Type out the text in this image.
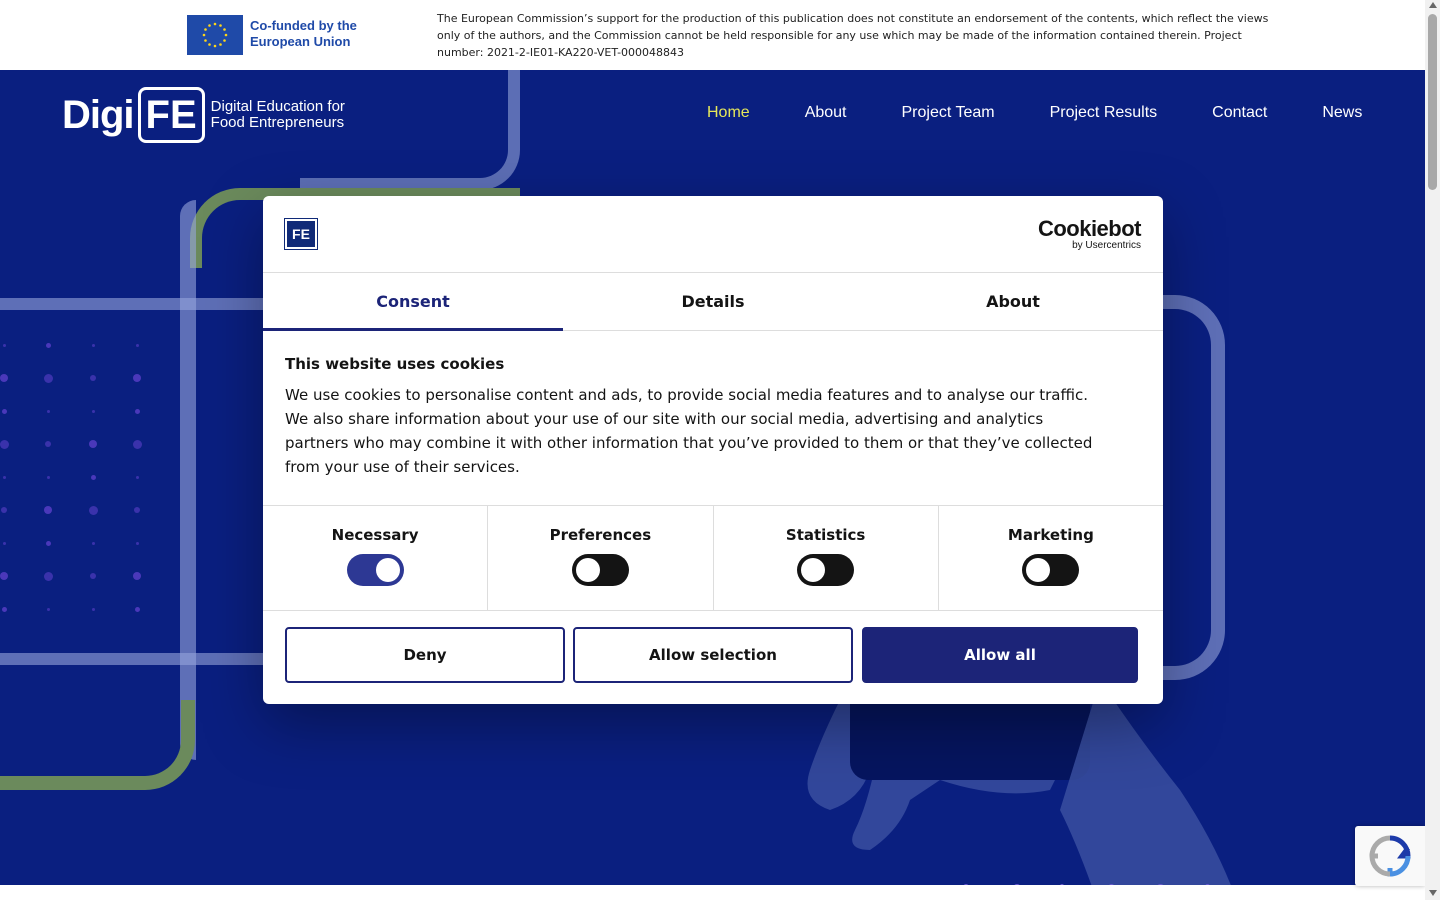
Co-funded by the European Union
The European Commission’s support for the production of this publication does not constitute an endorsement of the contents, which reflect the views only of the authors, and the Commission cannot be held responsible for any use which may be made of the information contained therein. Project number: 2021-2-IE01-KA220-VET-000048843
Digi FE Digital Education for Food Entrepreneurs
Home	About	Project Team	Project Results	Contact	News
FE	Cookiebot
by Usercentrics
Consent	Details	About
This website uses cookies
We use cookies to personalise content and ads, to provide social media features and to analyse our traffic. We also share information about your use of our site with our social media, advertising and analytics partners who may combine it with other information that you’ve provided to them or that they’ve collected from your use of their services.
Necessary	Preferences	Statistics	Marketing
Deny	Allow selection	Allow all
